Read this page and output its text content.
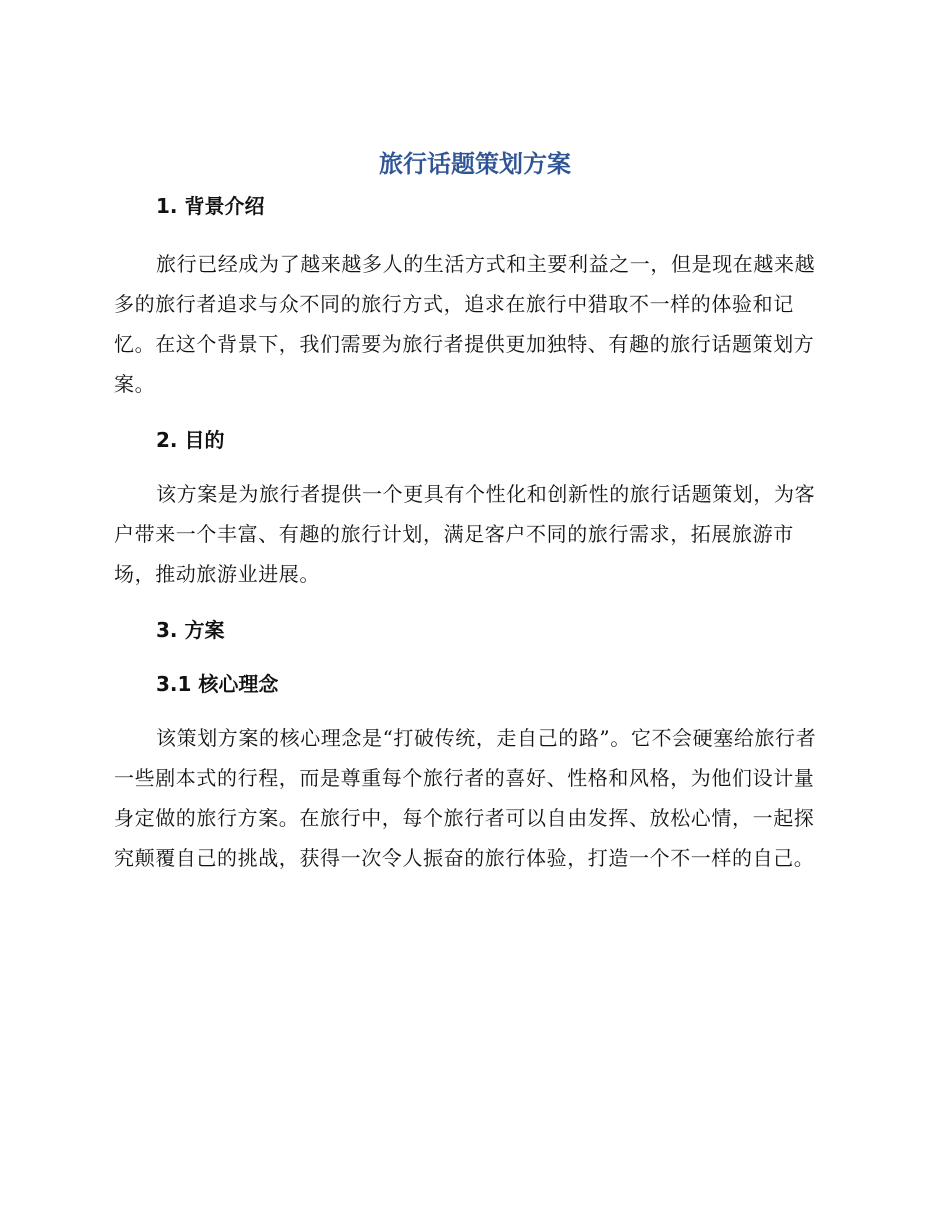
旅行话题策划方案
1. 背景介绍

旅行已经成为了越来越多人的生活方式和主要利益之一，但是现在越来越多的旅行者追求与众不同的旅行方式，追求在旅行中猎取不一样的体验和记忆。在这个背景下，我们需要为旅行者提供更加独特、有趣的旅行话题策划方案。

2. 目的

该方案是为旅行者提供一个更具有个性化和创新性的旅行话题策划，为客户带来一个丰富、有趣的旅行计划，满足客户不同的旅行需求，拓展旅游市场，推动旅游业进展。

3. 方案
3.1 核心理念

该策划方案的核心理念是“打破传统，走自己的路”。它不会硬塞给旅行者一些剧本式的行程，而是尊重每个旅行者的喜好、性格和风格，为他们设计量身定做的旅行方案。在旅行中，每个旅行者可以自由发挥、放松心情，一起探究颠覆自己的挑战，获得一次令人振奋的旅行体验，打造一个不一样的自己。
